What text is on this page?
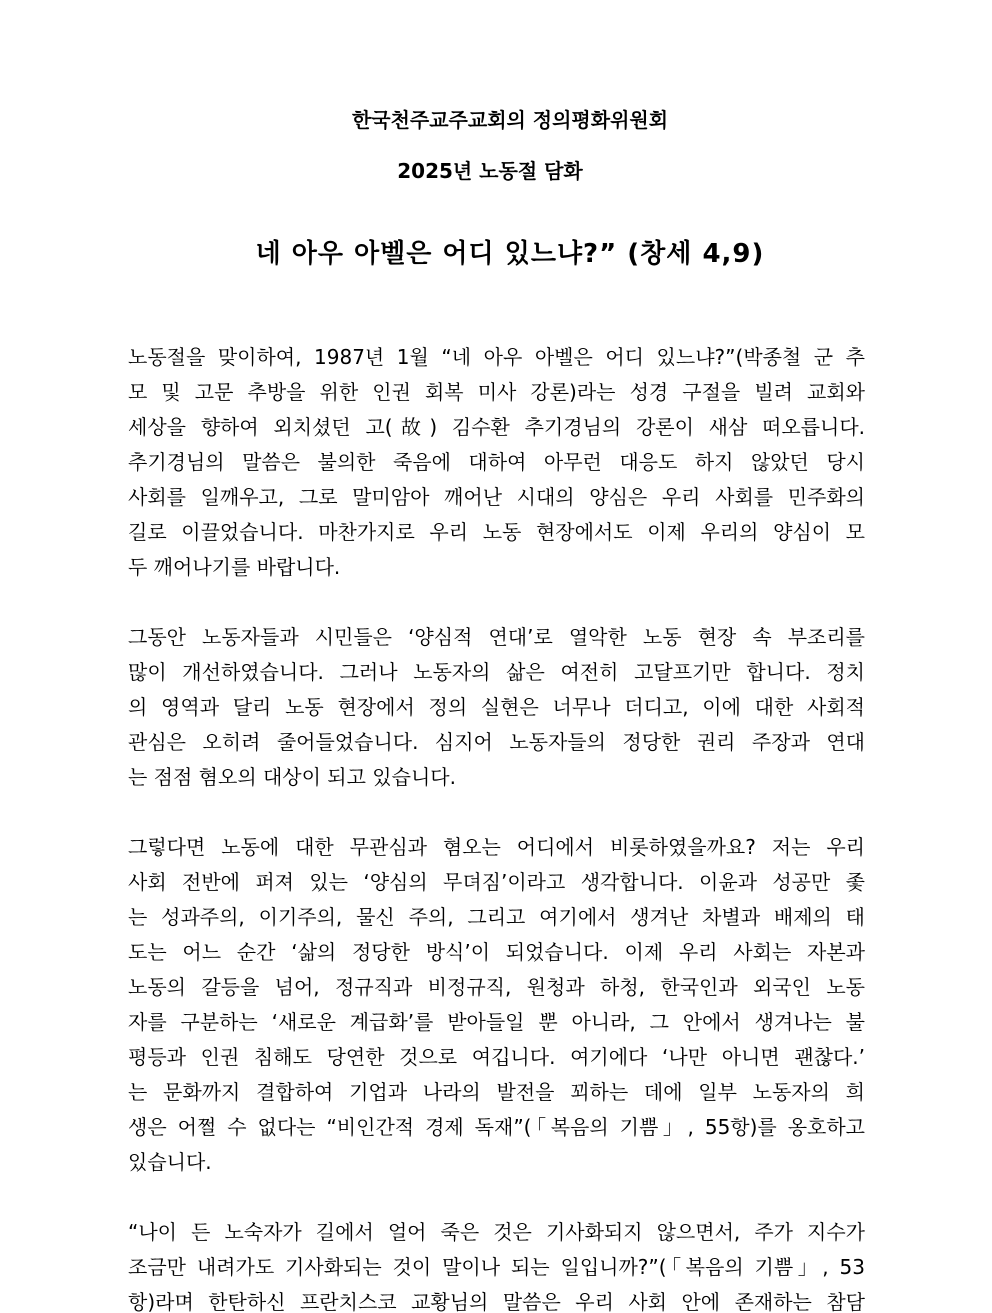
한국천주교주교회의 정의평화위원회
2025년 노동절 담화
네 아우 아벨은 어디 있느냐?” (창세 4,9)
노동절을 맞이하여, 1987년 1월 “네 아우 아벨은 어디 있느냐?”(박종철 군 추
모 및 고문 추방을 위한 인권 회복 미사 강론)라는 성경 구절을 빌려 교회와
세상을 향하여 외치셨던 고(故) 김수환 추기경님의 강론이 새삼 떠오릅니다.
추기경님의 말씀은 불의한 죽음에 대하여 아무런 대응도 하지 않았던 당시
사회를 일깨우고, 그로 말미암아 깨어난 시대의 양심은 우리 사회를 민주화의
길로 이끌었습니다. 마찬가지로 우리 노동 현장에서도 이제 우리의 양심이 모
두 깨어나기를 바랍니다.
그동안 노동자들과 시민들은 ‘양심적 연대’로 열악한 노동 현장 속 부조리를
많이 개선하였습니다. 그러나 노동자의 삶은 여전히 고달프기만 합니다. 정치
의 영역과 달리 노동 현장에서 정의 실현은 너무나 더디고, 이에 대한 사회적
관심은 오히려 줄어들었습니다. 심지어 노동자들의 정당한 권리 주장과 연대
는 점점 혐오의 대상이 되고 있습니다.
그렇다면 노동에 대한 무관심과 혐오는 어디에서 비롯하였을까요? 저는 우리
사회 전반에 퍼져 있는 ‘양심의 무뎌짐’이라고 생각합니다. 이윤과 성공만 좇
는 성과주의, 이기주의, 물신 주의, 그리고 여기에서 생겨난 차별과 배제의 태
도는 어느 순간 ‘삶의 정당한 방식’이 되었습니다. 이제 우리 사회는 자본과
노동의 갈등을 넘어, 정규직과 비정규직, 원청과 하청, 한국인과 외국인 노동
자를 구분하는 ‘새로운 계급화’를 받아들일 뿐 아니라, 그 안에서 생겨나는 불
평등과 인권 침해도 당연한 것으로 여깁니다. 여기에다 ‘나만 아니면 괜찮다.’
는 문화까지 결합하여 기업과 나라의 발전을 꾀하는 데에 일부 노동자의 희
생은 어쩔 수 없다는 “비인간적 경제 독재”(「복음의 기쁨」, 55항)를 옹호하고
있습니다.
“나이 든 노숙자가 길에서 얼어 죽은 것은 기사화되지 않으면서, 주가 지수가
조금만 내려가도 기사화되는 것이 말이나 되는 일입니까?”(「복음의 기쁨」, 53
항)라며 한탄하신 프란치스코 교황님의 말씀은 우리 사회 안에 존재하는 참담
